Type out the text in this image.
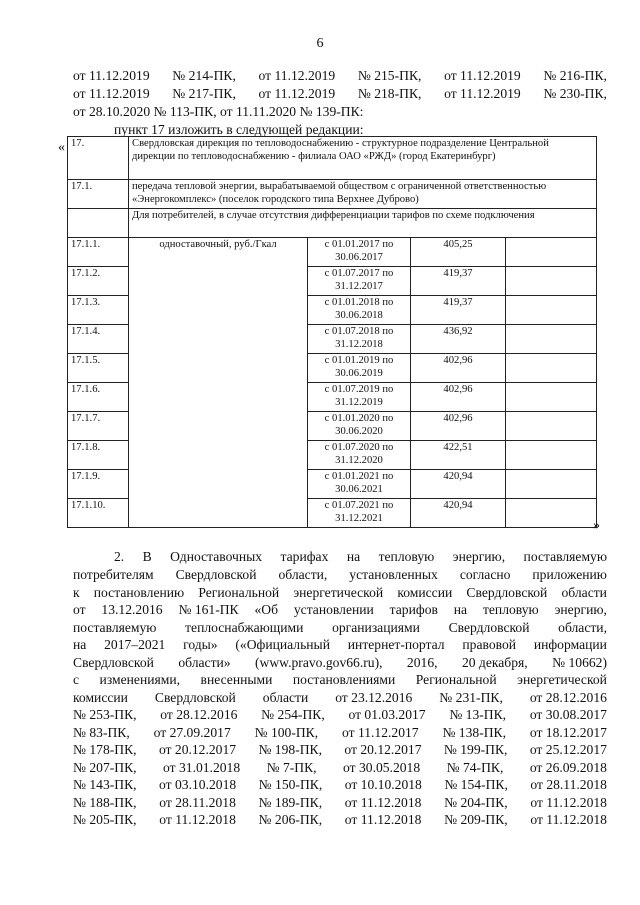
6
от 11.12.2019 № 214-ПК, от 11.12.2019 № 215-ПК, от 11.12.2019 № 216-ПК,
от 11.12.2019 № 217-ПК, от 11.12.2019 № 218-ПК, от 11.12.2019 № 230-ПК,
от 28.10.2020 № 113-ПК, от 11.11.2020 № 139-ПК:
пункт 17 изложить в следующей редакции:
« 17.	Свердловская дирекция по тепловодоснабжению - структурное подразделение Центральной дирекции по тепловодоснабжению - филиала ОАО «РЖД» (город Екатеринбург)			
17.1.	передача тепловой энергии, вырабатываемой обществом с ограниченной ответственностью «Энергокомплекс» (поселок городского типа Верхнее Дуброво)			
	Для потребителей, в случае отсутствия дифференциации тарифов по схеме подключения			
17.1.1.	одноставочный, руб./Гкал	с 01.01.2017 по
30.06.2017	405,25	
17.1.2.		с 01.07.2017 по
31.12.2017	419,37	
17.1.3.		с 01.01.2018 по
30.06.2018	419,37	
17.1.4.		с 01.07.2018 по
31.12.2018	436,92	
17.1.5.		с 01.01.2019 по
30.06.2019	402,96	
17.1.6.		с 01.07.2019 по
31.12.2019	402,96	
17.1.7.		с 01.01.2020 по
30.06.2020	402,96	
17.1.8.		с 01.07.2020 по
31.12.2020	422,51	
17.1.9.		с 01.01.2021 по
30.06.2021	420,94	
17.1.10.		с 01.07.2021 по
31.12.2021	420,94	
»
2. В Одноставочных тарифах на тепловую энергию, поставляемую
потребителям Свердловской области, установленных согласно приложению
к постановлению Региональной энергетической комиссии Свердловской области
от 13.12.2016 № 161-ПК «Об установлении тарифов на тепловую энергию,
поставляемую теплоснабжающими организациями Свердловской области,
на 2017–2021 годы» («Официальный интернет-портал правовой информации
Свердловской области» (www.pravo.gov66.ru), 2016, 20 декабря, № 10662)
с изменениями, внесенными постановлениями Региональной энергетической
комиссии Свердловской области от 23.12.2016 № 231-ПК, от 28.12.2016
№ 253-ПК, от 28.12.2016 № 254-ПК, от 01.03.2017 № 13-ПК, от 30.08.2017
№ 83-ПК, от 27.09.2017 № 100-ПК, от 11.12.2017 № 138-ПК, от 18.12.2017
№ 178-ПК, от 20.12.2017 № 198-ПК, от 20.12.2017 № 199-ПК, от 25.12.2017
№ 207-ПК, от 31.01.2018 № 7-ПК, от 30.05.2018 № 74-ПК, от 26.09.2018
№ 143-ПК, от 03.10.2018 № 150-ПК, от 10.10.2018 № 154-ПК, от 28.11.2018
№ 188-ПК, от 28.11.2018 № 189-ПК, от 11.12.2018 № 204-ПК, от 11.12.2018
№ 205-ПК, от 11.12.2018 № 206-ПК, от 11.12.2018 № 209-ПК, от 11.12.2018
